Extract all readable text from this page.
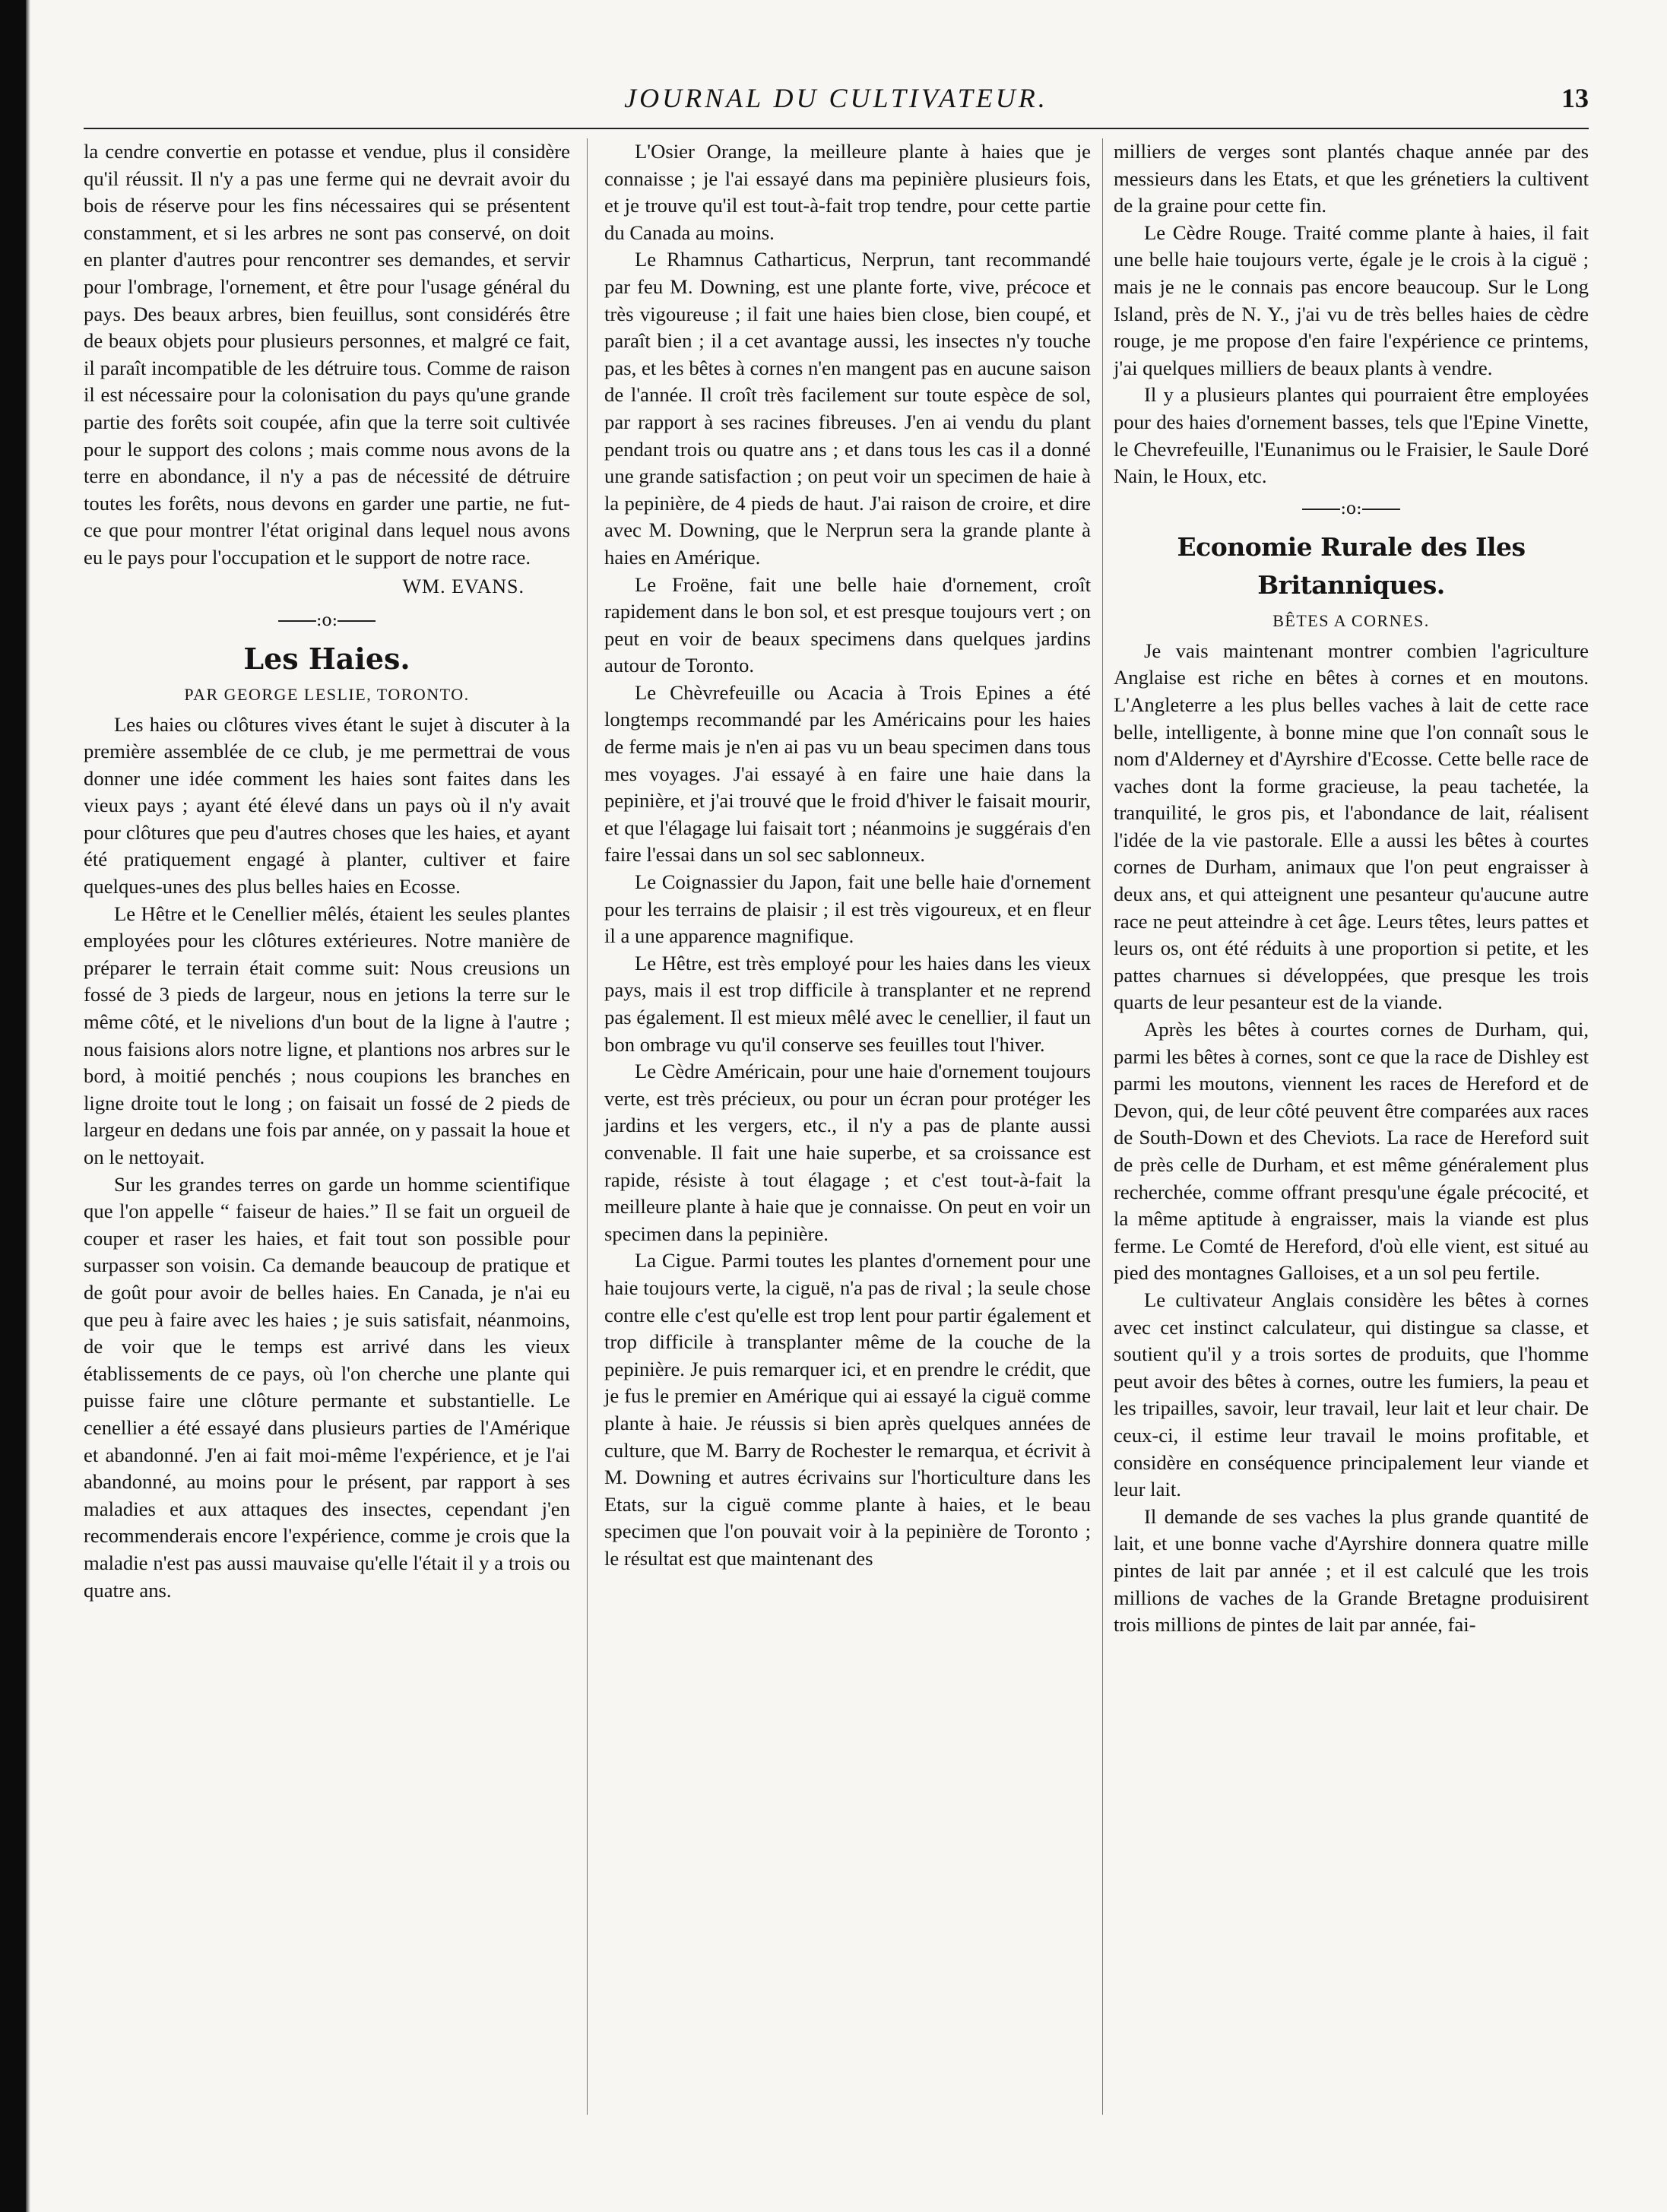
JOURNAL DU CULTIVATEUR.	13

la cendre convertie en potasse et vendue, plus il considère qu'il réussit. Il n'y a pas une ferme qui ne devrait avoir du bois de réserve pour les fins nécessaires qui se présentent constamment, et si les arbres ne sont pas conservé, on doit en planter d'autres pour rencontrer ses demandes, et servir pour l'ombrage, l'ornement, et être pour l'usage général du pays. Des beaux arbres, bien feuillus, sont considérés être de beaux objets pour plusieurs personnes, et malgré ce fait, il paraît incompatible de les détruire tous. Comme de raison il est nécessaire pour la colonisation du pays qu'une grande partie des forêts soit coupée, afin que la terre soit cultivée pour le support des colons ; mais comme nous avons de la terre en abondance, il n'y a pas de nécessité de détruire toutes les forêts, nous devons en garder une partie, ne fut-ce que pour montrer l'état original dans lequel nous avons eu le pays pour l'occupation et le support de notre race.

WM. EVANS.
:o:
Les Haies.
PAR GEORGE LESLIE, TORONTO.

Les haies ou clôtures vives étant le sujet à discuter à la première assemblée de ce club, je me permettrai de vous donner une idée comment les haies sont faites dans les vieux pays ; ayant été élevé dans un pays où il n'y avait pour clôtures que peu d'autres choses que les haies, et ayant été pratiquement engagé à planter, cultiver et faire quelques-unes des plus belles haies en Ecosse.

Le Hêtre et le Cenellier mêlés, étaient les seules plantes employées pour les clôtures extérieures. Notre manière de préparer le terrain était comme suit: Nous creusions un fossé de 3 pieds de largeur, nous en jetions la terre sur le même côté, et le nivelions d'un bout de la ligne à l'autre ; nous faisions alors notre ligne, et plantions nos arbres sur le bord, à moitié penchés ; nous coupions les branches en ligne droite tout le long ; on faisait un fossé de 2 pieds de largeur en dedans une fois par année, on y passait la houe et on le nettoyait.

Sur les grandes terres on garde un homme scientifique que l'on appelle “ faiseur de haies.” Il se fait un orgueil de couper et raser les haies, et fait tout son possible pour surpasser son voisin. Ca demande beaucoup de pratique et de goût pour avoir de belles haies. En Canada, je n'ai eu que peu à faire avec les haies ; je suis satisfait, néanmoins, de voir que le temps est arrivé dans les vieux établissements de ce pays, où l'on cherche une plante qui puisse faire une clôture permante et substantielle. Le cenellier a été essayé dans plusieurs parties de l'Amérique et abandonné. J'en ai fait moi-même l'expérience, et je l'ai abandonné, au moins pour le présent, par rapport à ses maladies et aux attaques des insectes, cependant j'en recommenderais encore l'expérience, comme je crois que la maladie n'est pas aussi mauvaise qu'elle l'était il y a trois ou quatre ans.

L'Osier Orange, la meilleure plante à haies que je connaisse ; je l'ai essayé dans ma pepinière plusieurs fois, et je trouve qu'il est tout-à-fait trop tendre, pour cette partie du Canada au moins.

Le Rhamnus Catharticus, Nerprun, tant recommandé par feu M. Downing, est une plante forte, vive, précoce et très vigoureuse ; il fait une haies bien close, bien coupé, et paraît bien ; il a cet avantage aussi, les insectes n'y touche pas, et les bêtes à cornes n'en mangent pas en aucune saison de l'année. Il croît très facilement sur toute espèce de sol, par rapport à ses racines fibreuses. J'en ai vendu du plant pendant trois ou quatre ans ; et dans tous les cas il a donné une grande satisfaction ; on peut voir un specimen de haie à la pepinière, de 4 pieds de haut. J'ai raison de croire, et dire avec M. Downing, que le Nerprun sera la grande plante à haies en Amérique.

Le Froëne, fait une belle haie d'ornement, croît rapidement dans le bon sol, et est presque toujours vert ; on peut en voir de beaux specimens dans quelques jardins autour de Toronto.

Le Chèvrefeuille ou Acacia à Trois Epines a été longtemps recommandé par les Américains pour les haies de ferme mais je n'en ai pas vu un beau specimen dans tous mes voyages. J'ai essayé à en faire une haie dans la pepinière, et j'ai trouvé que le froid d'hiver le faisait mourir, et que l'élagage lui faisait tort ; néanmoins je suggérais d'en faire l'essai dans un sol sec sablonneux.

Le Coignassier du Japon, fait une belle haie d'ornement pour les terrains de plaisir ; il est très vigoureux, et en fleur il a une apparence magnifique.

Le Hêtre, est très employé pour les haies dans les vieux pays, mais il est trop difficile à transplanter et ne reprend pas également. Il est mieux mêlé avec le cenellier, il faut un bon ombrage vu qu'il conserve ses feuilles tout l'hiver.

Le Cèdre Américain, pour une haie d'ornement toujours verte, est très précieux, ou pour un écran pour protéger les jardins et les vergers, etc., il n'y a pas de plante aussi convenable. Il fait une haie superbe, et sa croissance est rapide, résiste à tout élagage ; et c'est tout-à-fait la meilleure plante à haie que je connaisse. On peut en voir un specimen dans la pepinière.

La Cigue. Parmi toutes les plantes d'ornement pour une haie toujours verte, la ciguë, n'a pas de rival ; la seule chose contre elle c'est qu'elle est trop lent pour partir également et trop difficile à transplanter même de la couche de la pepinière. Je puis remarquer ici, et en prendre le crédit, que je fus le premier en Amérique qui ai essayé la ciguë comme plante à haie. Je réussis si bien après quelques années de culture, que M. Barry de Rochester le remarqua, et écrivit à M. Downing et autres écrivains sur l'horticulture dans les Etats, sur la ciguë comme plante à haies, et le beau specimen que l'on pouvait voir à la pepinière de Toronto ; le résultat est que maintenant des

milliers de verges sont plantés chaque année par des messieurs dans les Etats, et que les grénetiers la cultivent de la graine pour cette fin.

Le Cèdre Rouge. Traité comme plante à haies, il fait une belle haie toujours verte, égale je le crois à la ciguë ; mais je ne le connais pas encore beaucoup. Sur le Long Island, près de N. Y., j'ai vu de très belles haies de cèdre rouge, je me propose d'en faire l'expérience ce printems, j'ai quelques milliers de beaux plants à vendre.

Il y a plusieurs plantes qui pourraient être employées pour des haies d'ornement basses, tels que l'Epine Vinette, le Chevrefeuille, l'Eunanimus ou le Fraisier, le Saule Doré Nain, le Houx, etc.

:o:
Economie Rurale des Iles Britanniques.
BÊTES A CORNES.

Je vais maintenant montrer combien l'agriculture Anglaise est riche en bêtes à cornes et en moutons. L'Angleterre a les plus belles vaches à lait de cette race belle, intelligente, à bonne mine que l'on connaît sous le nom d'Alderney et d'Ayrshire d'Ecosse. Cette belle race de vaches dont la forme gracieuse, la peau tachetée, la tranquilité, le gros pis, et l'abondance de lait, réalisent l'idée de la vie pastorale. Elle a aussi les bêtes à courtes cornes de Durham, animaux que l'on peut engraisser à deux ans, et qui atteignent une pesanteur qu'aucune autre race ne peut atteindre à cet âge. Leurs têtes, leurs pattes et leurs os, ont été réduits à une proportion si petite, et les pattes charnues si développées, que presque les trois quarts de leur pesanteur est de la viande.

Après les bêtes à courtes cornes de Durham, qui, parmi les bêtes à cornes, sont ce que la race de Dishley est parmi les moutons, viennent les races de Hereford et de Devon, qui, de leur côté peuvent être comparées aux races de South-Down et des Cheviots. La race de Hereford suit de près celle de Durham, et est même généralement plus recherchée, comme offrant presqu'une égale précocité, et la même aptitude à engraisser, mais la viande est plus ferme. Le Comté de Hereford, d'où elle vient, est situé au pied des montagnes Galloises, et a un sol peu fertile.

Le cultivateur Anglais considère les bêtes à cornes avec cet instinct calculateur, qui distingue sa classe, et soutient qu'il y a trois sortes de produits, que l'homme peut avoir des bêtes à cornes, outre les fumiers, la peau et les tripailles, savoir, leur travail, leur lait et leur chair. De ceux-ci, il estime leur travail le moins profitable, et considère en conséquence principalement leur viande et leur lait.

Il demande de ses vaches la plus grande quantité de lait, et une bonne vache d'Ayrshire donnera quatre mille pintes de lait par année ; et il est calculé que les trois millions de vaches de la Grande Bretagne produisirent trois millions de pintes de lait par année, fai-
